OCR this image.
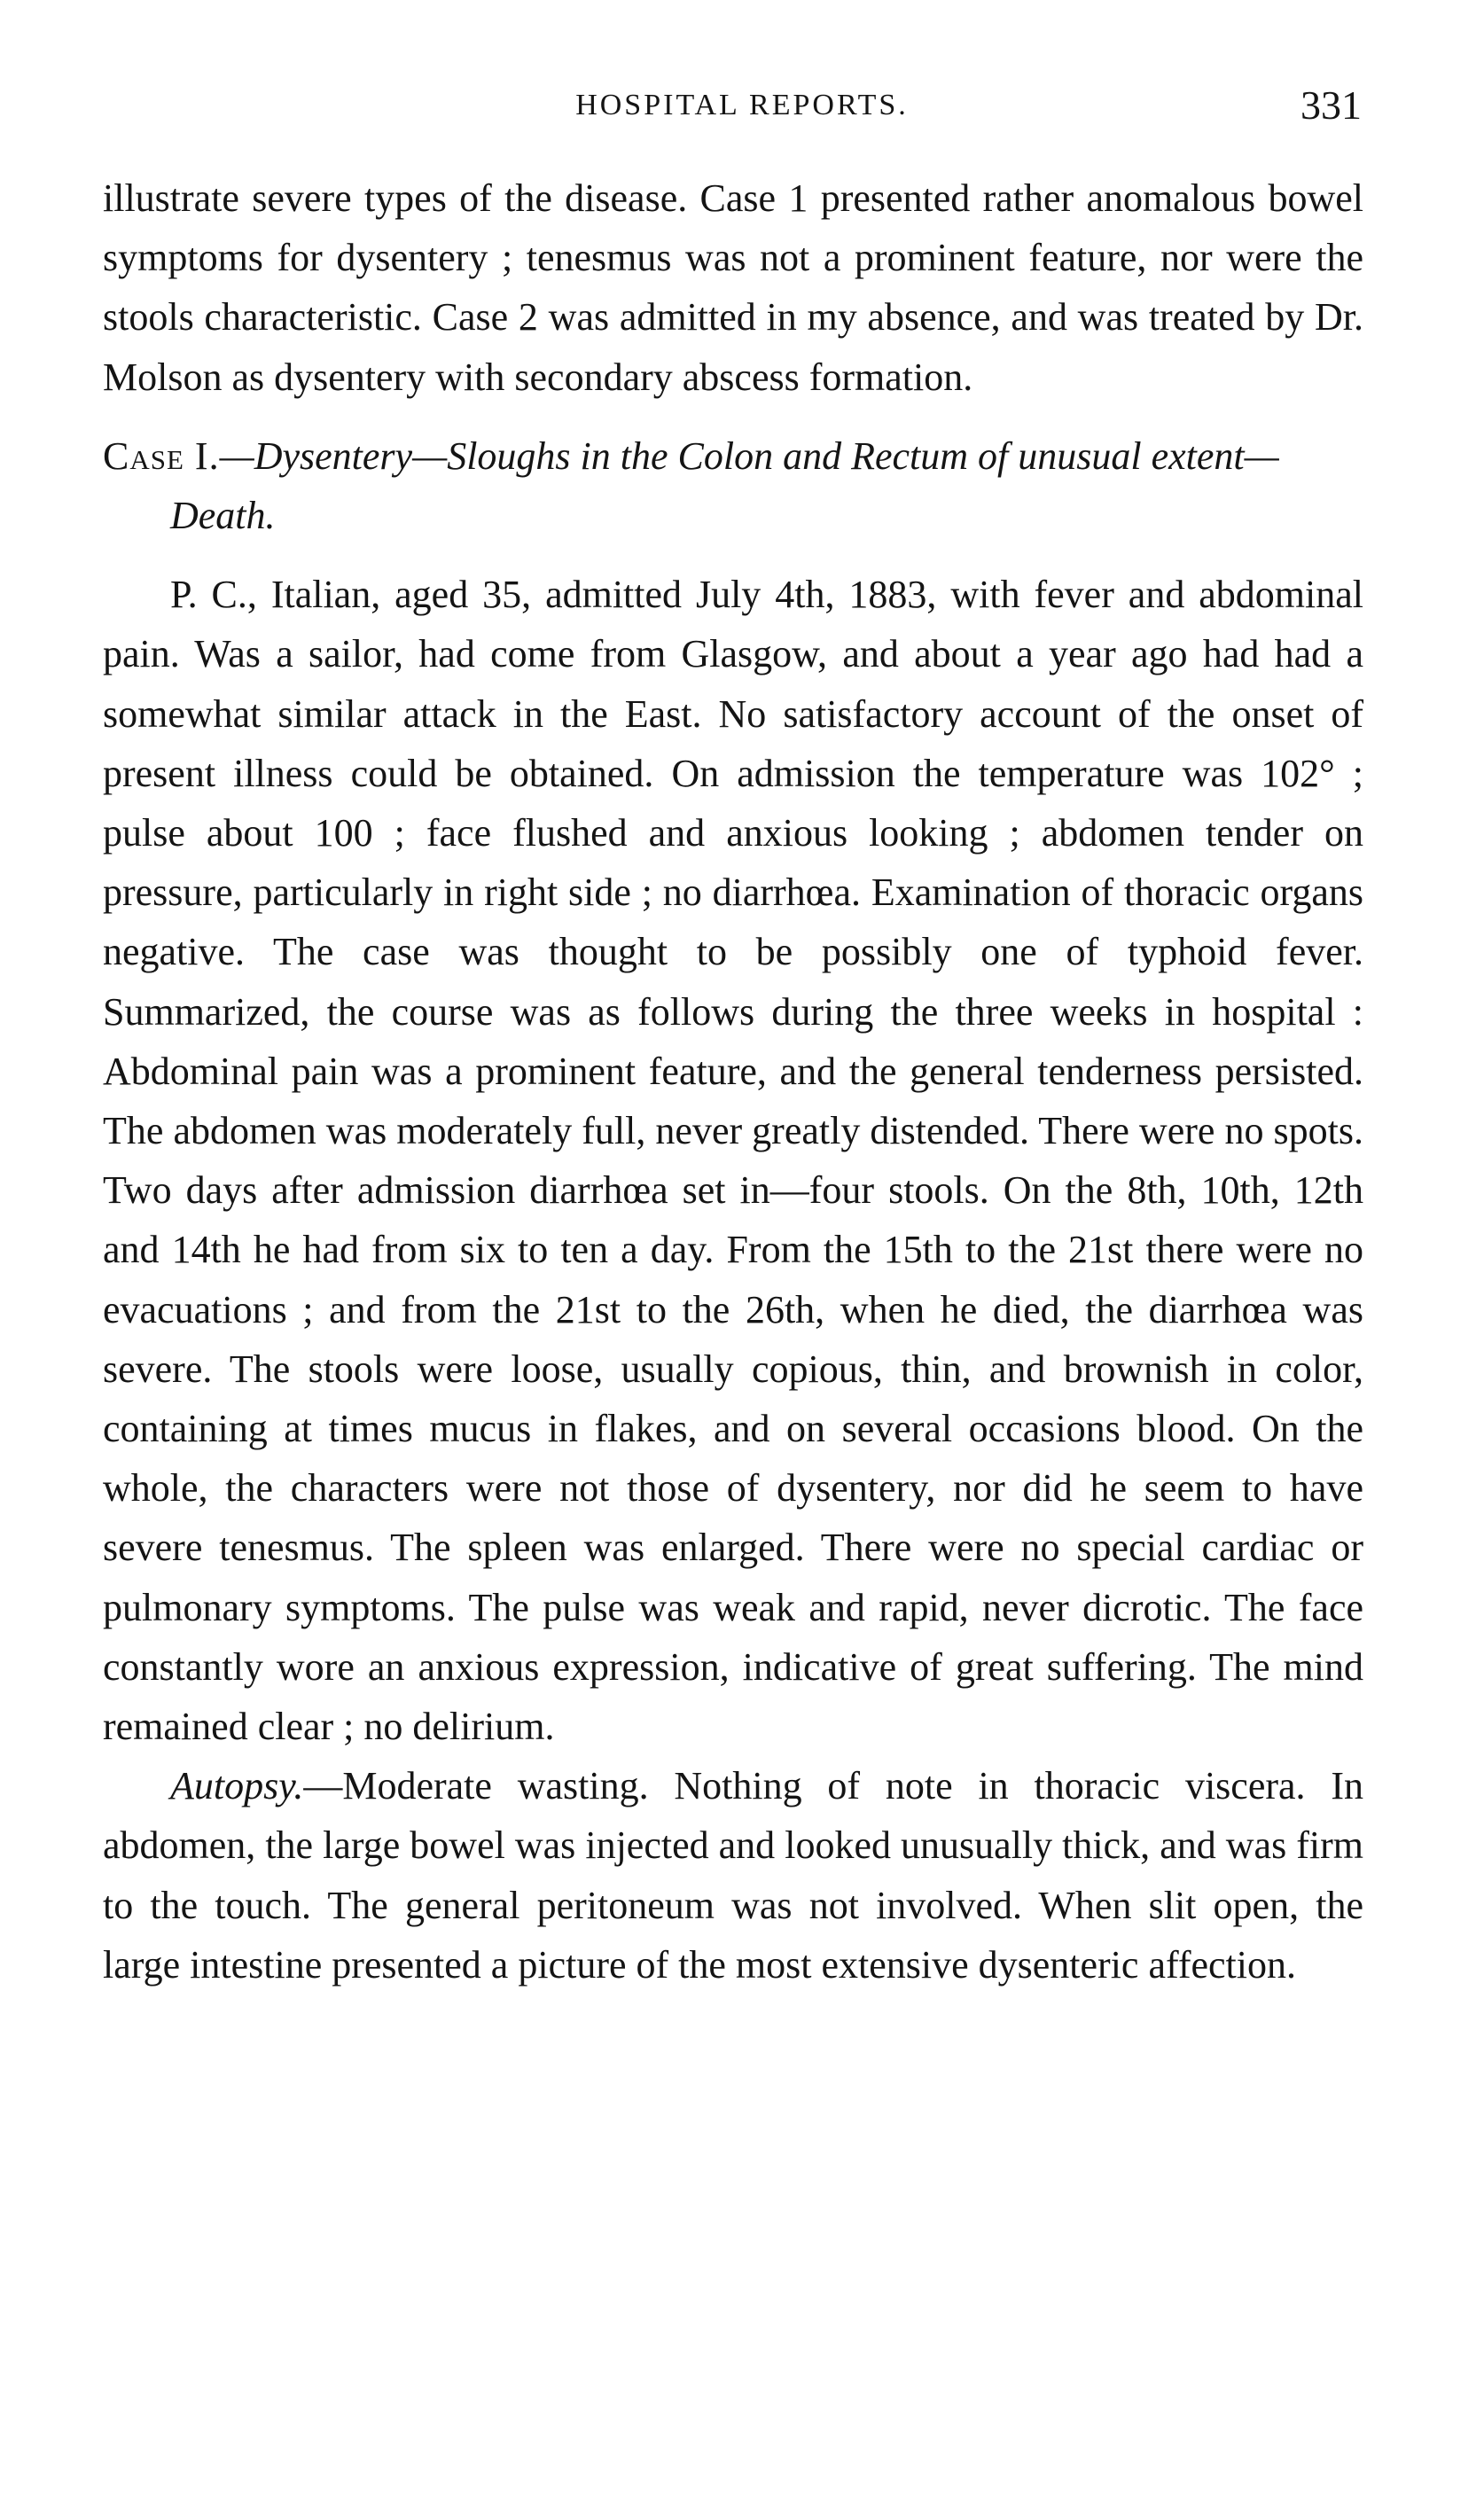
HOSPITAL REPORTS.	331

illustrate severe types of the disease. Case 1 presented rather anomalous bowel symptoms for dysentery ; tenesmus was not a prominent feature, nor were the stools characteristic. Case 2 was admitted in my absence, and was treated by Dr. Molson as dysentery with secondary abscess formation.

Case I.—Dysentery—Sloughs in the Colon and Rectum of unusual extent—Death.

P. C., Italian, aged 35, admitted July 4th, 1883, with fever and abdominal pain. Was a sailor, had come from Glasgow, and about a year ago had had a somewhat similar attack in the East. No satisfactory account of the onset of present illness could be obtained. On admission the temperature was 102° ; pulse about 100 ; face flushed and anxious looking ; abdomen tender on pressure, particularly in right side ; no diarrhœa. Examination of thoracic organs negative. The case was thought to be possibly one of typhoid fever. Summarized, the course was as follows during the three weeks in hospital : Abdominal pain was a prominent feature, and the general tenderness persisted. The abdomen was moderately full, never greatly distended. There were no spots. Two days after admission diarrhœa set in—four stools. On the 8th, 10th, 12th and 14th he had from six to ten a day. From the 15th to the 21st there were no evacuations ; and from the 21st to the 26th, when he died, the diarrhœa was severe. The stools were loose, usually copious, thin, and brownish in color, containing at times mucus in flakes, and on several occasions blood. On the whole, the characters were not those of dysentery, nor did he seem to have severe tenesmus. The spleen was enlarged. There were no special cardiac or pulmonary symptoms. The pulse was weak and rapid, never dicrotic. The face constantly wore an anxious expression, indicative of great suffering. The mind remained clear ; no delirium.

Autopsy.—Moderate wasting. Nothing of note in thoracic viscera. In abdomen, the large bowel was injected and looked unusually thick, and was firm to the touch. The general peritoneum was not involved. When slit open, the large intestine presented a picture of the most extensive dysenteric affection.
